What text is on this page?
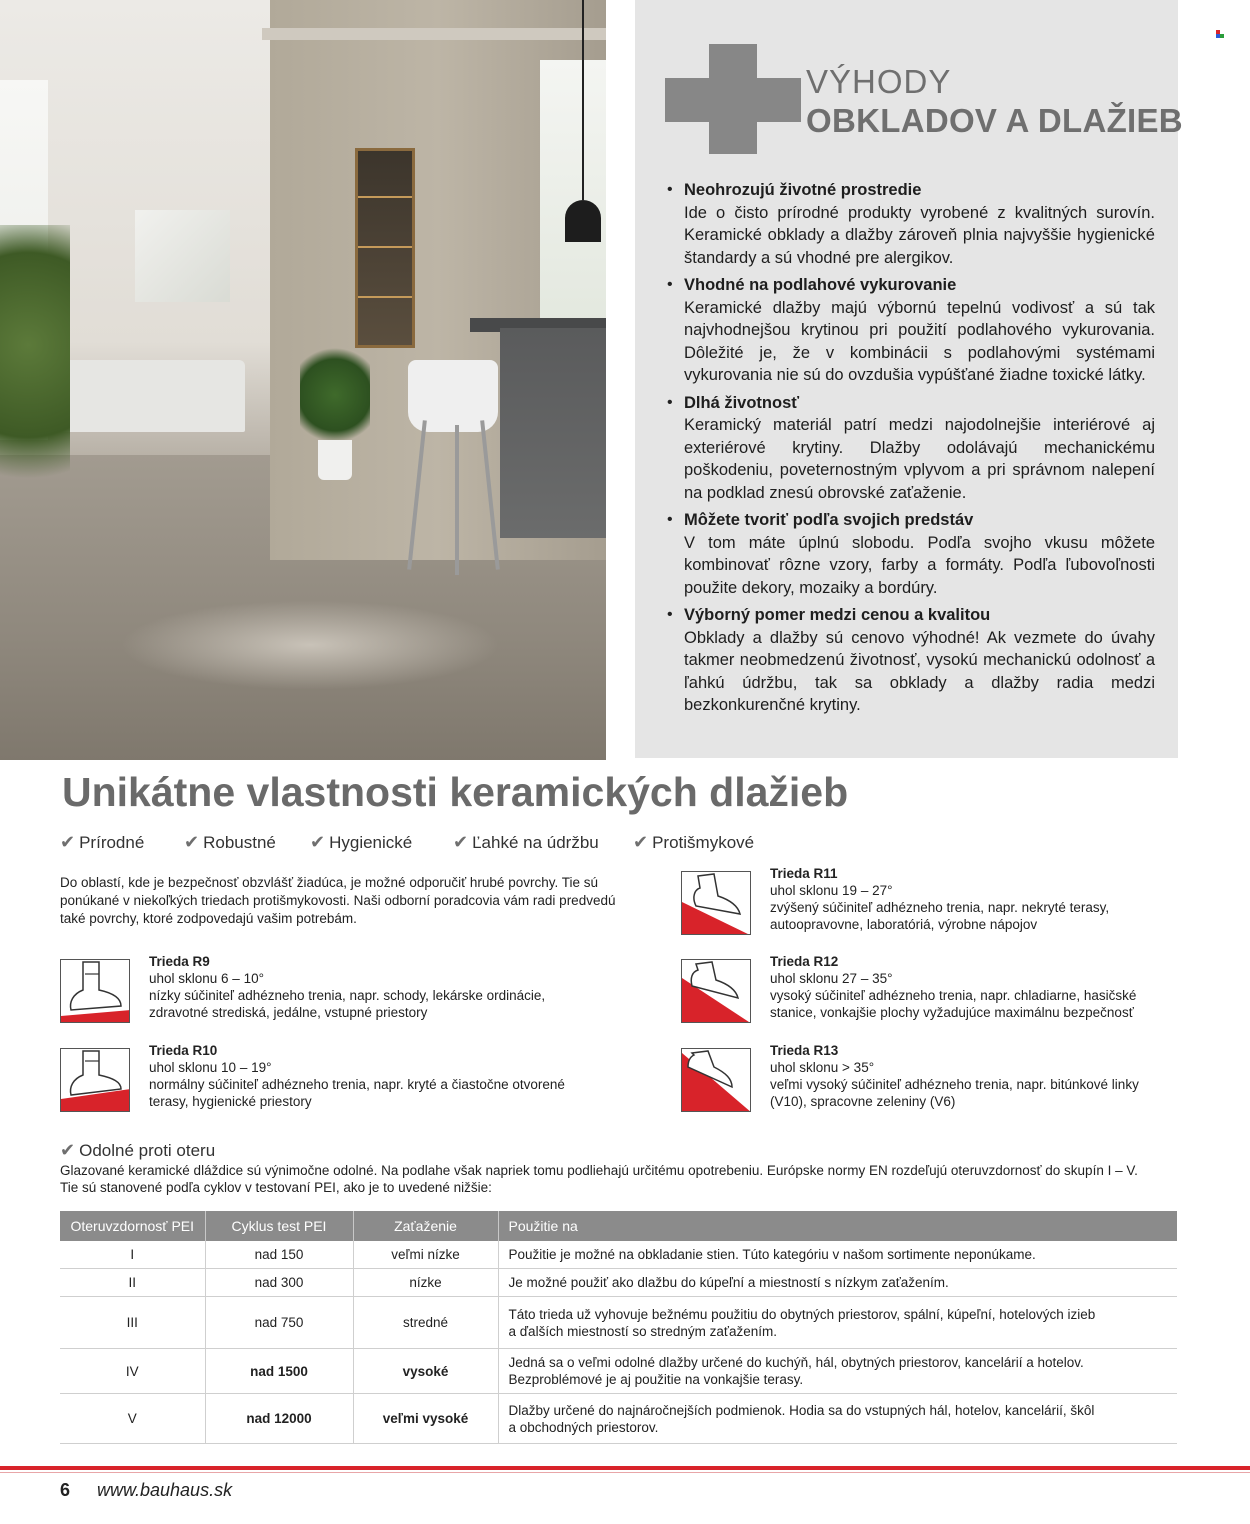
VÝHODY
OBKLADOV A DLAŽIEB
• Neohrozujú životné prostredie
Ide o čisto prírodné produkty vyrobené z kvalitných surovín. Keramické obklady a dlažby zároveň plnia najvyššie hygienické štandardy a sú vhodné pre alergikov.
• Vhodné na podlahové vykurovanie
Keramické dlažby majú výbornú tepelnú vodivosť a sú tak najvhodnejšou krytinou pri použití podlahového vykurovania. Dôležité je, že v kombinácii s podlahovými systémami vykurovania nie sú do ovzdušia vypúšťané žiadne toxické látky.
• Dlhá životnosť
Keramický materiál patrí medzi najodolnejšie interiérové aj exteriérové krytiny. Dlažby odolávajú mechanickému poškodeniu, poveternostným vplyvom a pri správnom nalepení na podklad znesú obrovské zaťaženie.
• Môžete tvoriť podľa svojich predstáv
V tom máte úplnú slobodu. Podľa svojho vkusu môžete kombinovať rôzne vzory, farby a formáty. Podľa ľubovoľnosti použite dekory, mozaiky a bordúry.
• Výborný pomer medzi cenou a kvalitou
Obklady a dlažby sú cenovo výhodné! Ak vezmete do úvahy takmer neobmedzenú životnosť, vysokú mechanickú odolnosť a ľahkú údržbu, tak sa obklady a dlažby radia medzi bezkonkurenčné krytiny.
Unikátne vlastnosti keramických dlažieb
✔ Prírodné ✔ Robustné ✔ Hygienické ✔ Ľahké na údržbu ✔ Protišmykové

Do oblastí, kde je bezpečnosť obzvlášť žiadúca, je možné odporučiť hrubé povrchy. Tie sú ponúkané v niekoľkých triedach protišmykovosti. Naši odborní poradcovia vám radi predvedú také povrchy, ktoré zodpovedajú vašim potrebám.

Trieda R9
uhol sklonu 6 – 10°
nízky súčiniteľ adhézneho trenia, napr. schody, lekárske ordinácie,
zdravotné strediská, jedálne, vstupné priestory
Trieda R10
uhol sklonu 10 – 19°
normálny súčiniteľ adhézneho trenia, napr. kryté a čiastočne otvorené
terasy, hygienické priestory
Trieda R11
uhol sklonu 19 – 27°
zvýšený súčiniteľ adhézneho trenia, napr. nekryté terasy,
autoopravovne, laboratóriá, výrobne nápojov
Trieda R12
uhol sklonu 27 – 35°
vysoký súčiniteľ adhézneho trenia, napr. chladiarne, hasičské
stanice, vonkajšie plochy vyžadujúce maximálnu bezpečnosť
Trieda R13
uhol sklonu > 35°
veľmi vysoký súčiniteľ adhézneho trenia, napr. bitúnkové linky
(V10), spracovne zeleniny (V6)
✔ Odolné proti oteru
Glazované keramické dláždice sú výnimočne odolné. Na podlahe však napriek tomu podliehajú určitému opotrebeniu. Európske normy EN rozdeľujú oteruvzdornosť do skupín I – V.
Tie sú stanovené podľa cyklov v testovaní PEI, ako je to uvedené nižšie:
Oteruvzdornosť PEI	Cyklus test PEI	Zaťaženie	Použitie na
I	nad 150	veľmi nízke	Použitie je možné na obkladanie stien. Túto kategóriu v našom sortimente neponúkame.

II	nad 300	nízke	Je možné použiť ako dlažbu do kúpeľní a miestností s nízkym zaťažením.

III	nad 750	stredné	Táto trieda už vyhovuje bežnému použitiu do obytných priestorov, spální, kúpeľní, hotelových izieb
a ďalších miestností so stredným zaťažením.

IV	nad 1500	vysoké	Jedná sa o veľmi odolné dlažby určené do kuchýň, hál, obytných priestorov, kancelárií a hotelov.
Bezproblémové je aj použitie na vonkajšie terasy.

V	nad 12000	veľmi vysoké	Dlažby určené do najnáročnejších podmienok. Hodia sa do vstupných hál, hotelov, kancelárií, škôl
a obchodných priestorov.
6 www.bauhaus.sk
